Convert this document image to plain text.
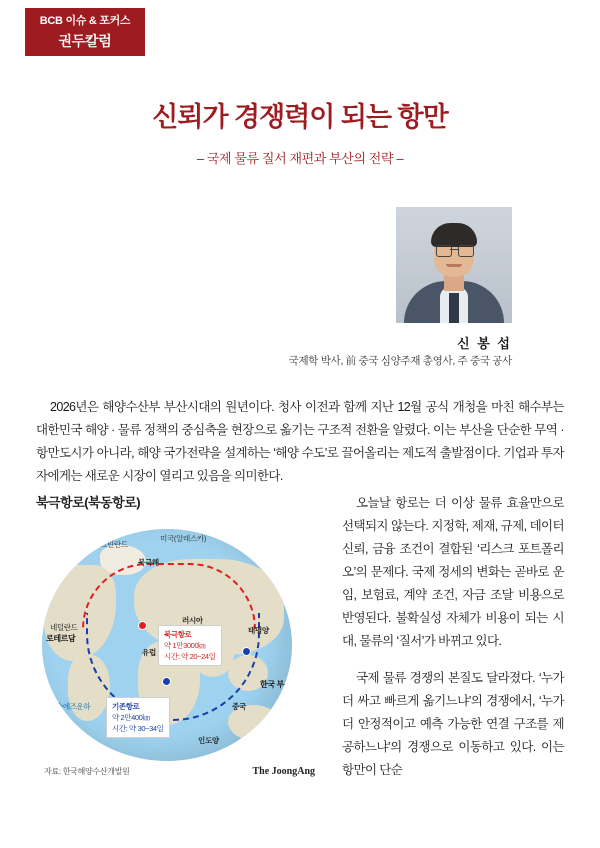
BCB 이슈 & 포커스
권두칼럼
신뢰가 경쟁력이 되는 항만
– 국제 물류 질서 재편과 부산의 전략 –
신 봉 섭
국제학 박사, 前 중국 심양주재 총영사, 주 중국 공사
2026년은 해양수산부 부산시대의 원년이다. 청사 이전과 함께 지난 12월 공식 개청을 마친 해수부는 대한민국 해양 · 물류 정책의 중심축을 현장으로 옮기는 구조적 전환을 알렸다. 이는 부산을 단순한 무역 · 항만도시가 아니라, 해양 국가전략을 설계하는 ‘해양 수도’로 끌어올리는 제도적 출발점이다. 기업과 투자자에게는 새로운 시장이 열리고 있음을 의미한다.
북극항로(북동항로)
그린란드
미국(알래스카)
북극해
러시아
유럽
태평양
중국
인도양
네덜란드
로테르담
한국 부산
수에즈운하
북극항로
약 1만3000㎞
시간: 약 20~24일
기존항로
약 2만400㎞
시간: 약 30~34일
자료: 한국해양수산개발원	The JoongAng

오늘날 항로는 더 이상 물류 효율만으로 선택되지 않는다. 지정학, 제재, 규제, 데이터 신뢰, 금융 조건이 결합된 ‘리스크 포트폴리오’의 문제다. 국제 정세의 변화는 곧바로 운임, 보험료, 계약 조건, 자금 조달 비용으로 반영된다. 불확실성 자체가 비용이 되는 시대, 물류의 ‘질서’가 바뀌고 있다.

국제 물류 경쟁의 본질도 달라졌다. ‘누가 더 싸고 빠르게 옮기느냐’의 경쟁에서, ‘누가 더 안정적이고 예측 가능한 연결 구조를 제공하느냐’의 경쟁으로 이동하고 있다. 이는 항만이 단순
